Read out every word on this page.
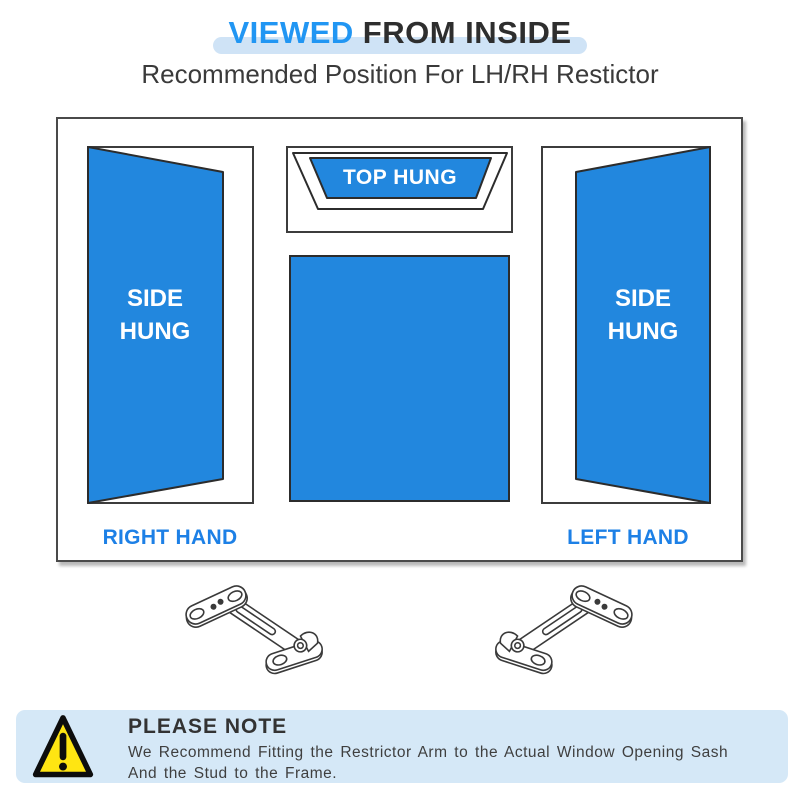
VIEWED FROM INSIDE
Recommended Position For LH/RH Restictor
SIDE HUNG
TOP HUNG
SIDE HUNG
RIGHT HAND	LEFT HAND
PLEASE NOTE
We Recommend Fitting the Restrictor Arm to the Actual Window Opening Sash
And the Stud to the Frame.
